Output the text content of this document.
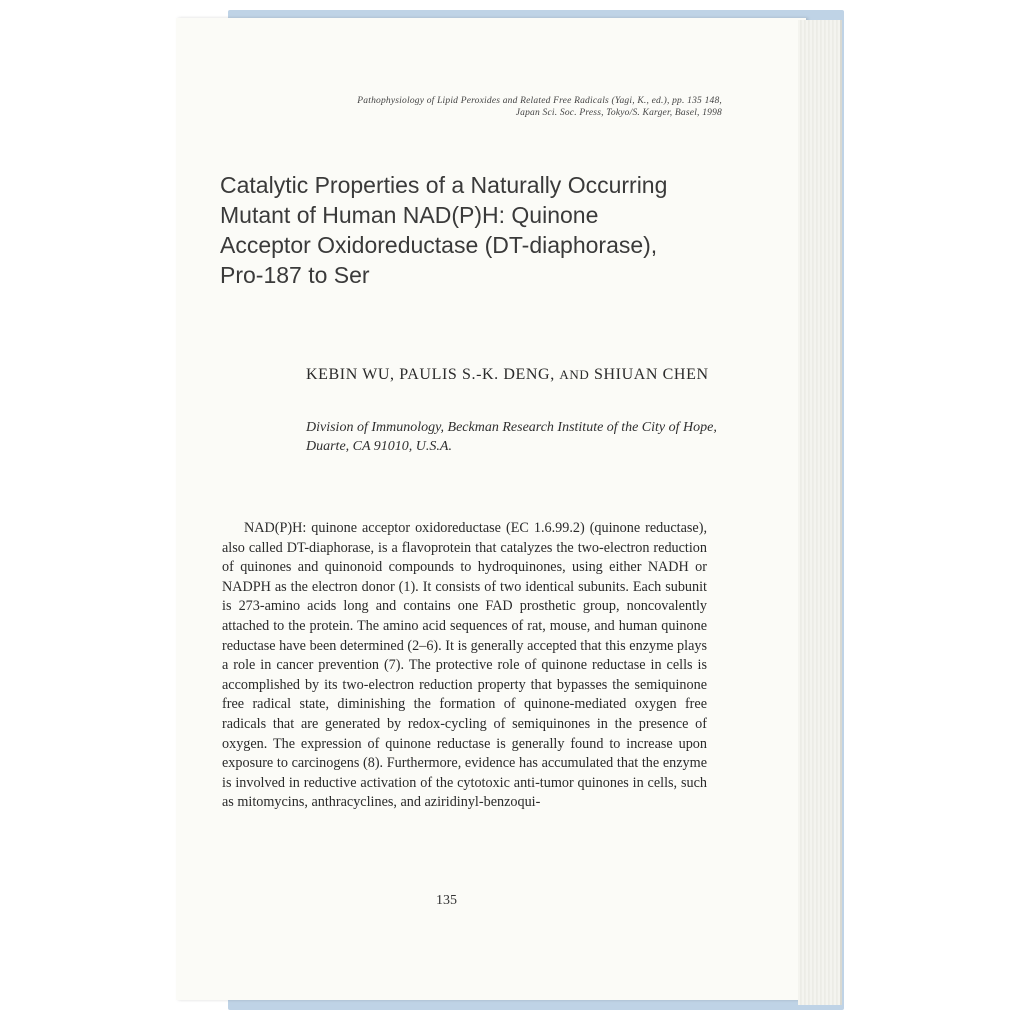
Pathophysiology of Lipid Peroxides and Related Free Radicals (Yagi, K., ed.), pp. 135 148,
Japan Sci. Soc. Press, Tokyo/S. Karger, Basel, 1998
Catalytic Properties of a Naturally Occurring
Mutant of Human NAD(P)H: Quinone
Acceptor Oxidoreductase (DT-diaphorase),
Pro-187 to Ser
KEBIN WU, PAULIS S.-K. DENG, AND SHIUAN CHEN
Division of Immunology, Beckman Research Institute of the City of Hope, Duarte, CA 91010, U.S.A.

NAD(P)H: quinone acceptor oxidoreductase (EC 1.6.99.2) (quinone reductase), also called DT-diaphorase, is a flavoprotein that catalyzes the two-electron reduction of quinones and quinonoid compounds to hydroquinones, using either NADH or NADPH as the electron donor (1). It consists of two identical subunits. Each subunit is 273-amino acids long and contains one FAD prosthetic group, noncovalently attached to the protein. The amino acid sequences of rat, mouse, and human quinone reductase have been determined (2–6). It is generally accepted that this enzyme plays a role in cancer prevention (7). The protective role of quinone reductase in cells is accomplished by its two-electron reduction property that bypasses the semiquinone free radical state, diminishing the formation of quinone-mediated oxygen free radicals that are generated by redox-cycling of semiquinones in the presence of oxygen. The expression of quinone reductase is generally found to increase upon exposure to carcinogens (8). Furthermore, evidence has accumulated that the enzyme is involved in reductive activation of the cytotoxic anti-tumor quinones in cells, such as mitomycins, anthracyclines, and aziridinyl-benzoqui-

135
